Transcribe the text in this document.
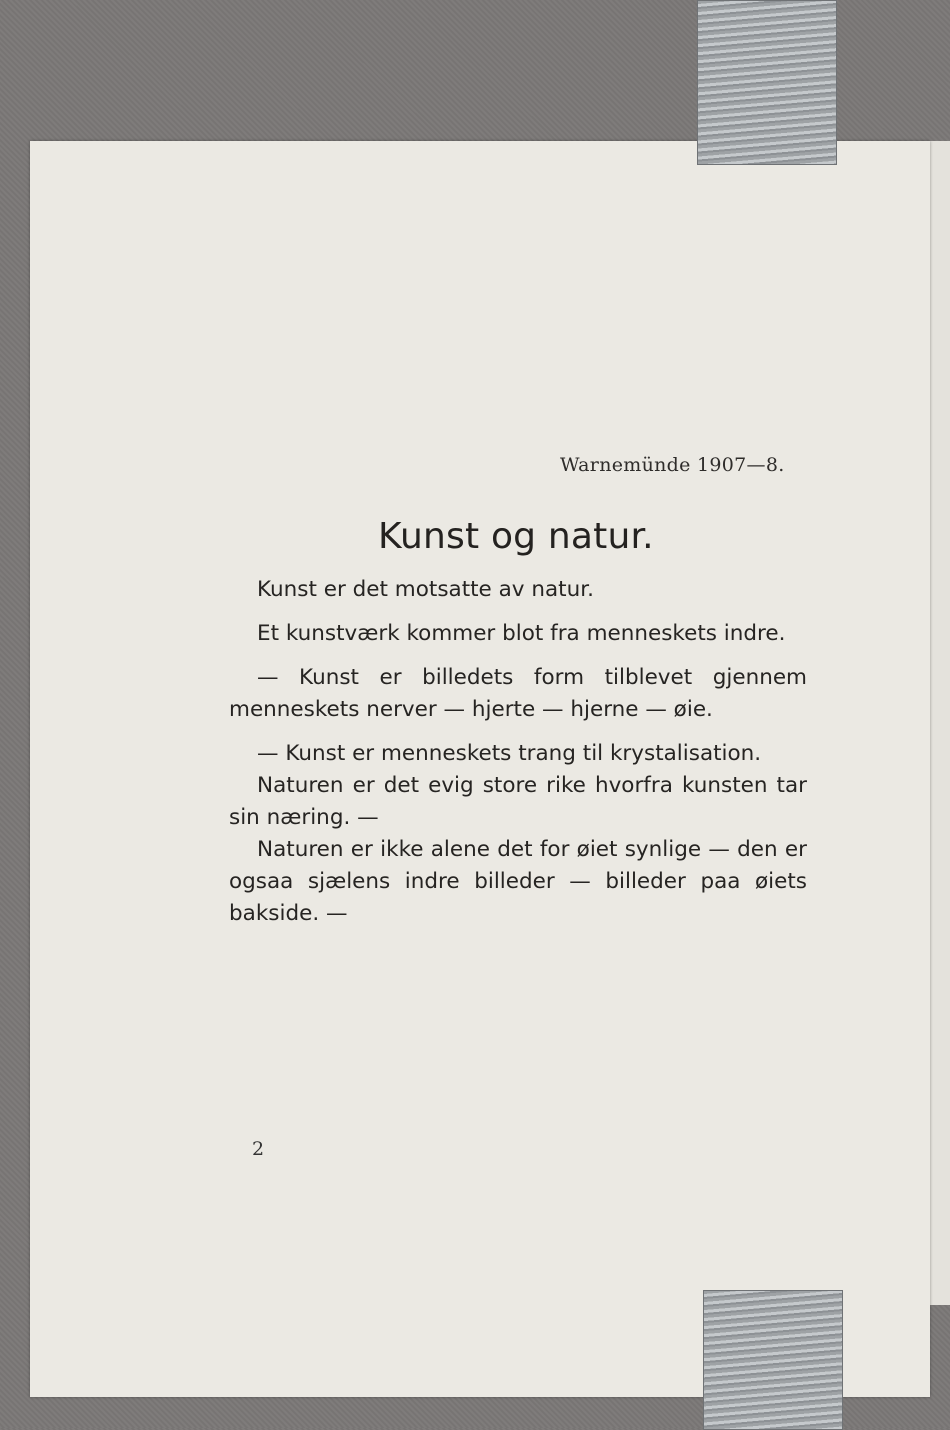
Warnemünde 1907—8.
Kunst og natur.

Kunst er det motsatte av natur.

Et kunstværk kommer blot fra menneskets indre.

— Kunst er billedets form tilblevet gjennem menneskets nerver — hjerte — hjerne — øie.

— Kunst er menneskets trang til krystalisation.

Naturen er det evig store rike hvorfra kunsten tar sin næring. —

Naturen er ikke alene det for øiet synlige — den er ogsaa sjælens indre billeder — billeder paa øiets bakside. —

2
